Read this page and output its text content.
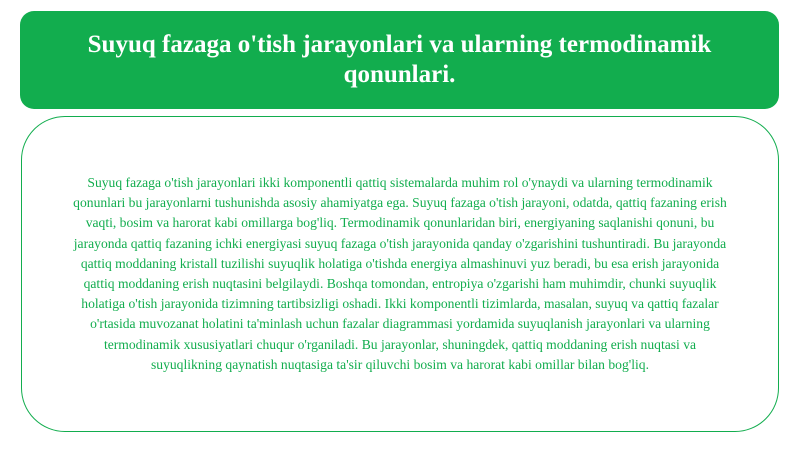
Suyuq fazaga o'tish jarayonlari va ularning termodinamik qonunlari.

Suyuq fazaga o'tish jarayonlari ikki komponentli qattiq sistemalarda muhim rol o'ynaydi va ularning termodinamik qonunlari bu jarayonlarni tushunishda asosiy ahamiyatga ega. Suyuq fazaga o'tish jarayoni, odatda, qattiq fazaning erish vaqti, bosim va harorat kabi omillarga bog'liq. Termodinamik qonunlaridan biri, energiyaning saqlanishi qonuni, bu jarayonda qattiq fazaning ichki energiyasi suyuq fazaga o'tish jarayonida qanday o'zgarishini tushuntiradi. Bu jarayonda qattiq moddaning kristall tuzilishi suyuqlik holatiga o'tishda energiya almashinuvi yuz beradi, bu esa erish jarayonida qattiq moddaning erish nuqtasini belgilaydi. Boshqa tomondan, entropiya o'zgarishi ham muhimdir, chunki suyuqlik holatiga o'tish jarayonida tizimning tartibsizligi oshadi. Ikki komponentli tizimlarda, masalan, suyuq va qattiq fazalar o'rtasida muvozanat holatini ta'minlash uchun fazalar diagrammasi yordamida suyuqlanish jarayonlari va ularning termodinamik xususiyatlari chuqur o'rganiladi. Bu jarayonlar, shuningdek, qattiq moddaning erish nuqtasi va suyuqlikning qaynatish nuqtasiga ta'sir qiluvchi bosim va harorat kabi omillar bilan bog'liq.
